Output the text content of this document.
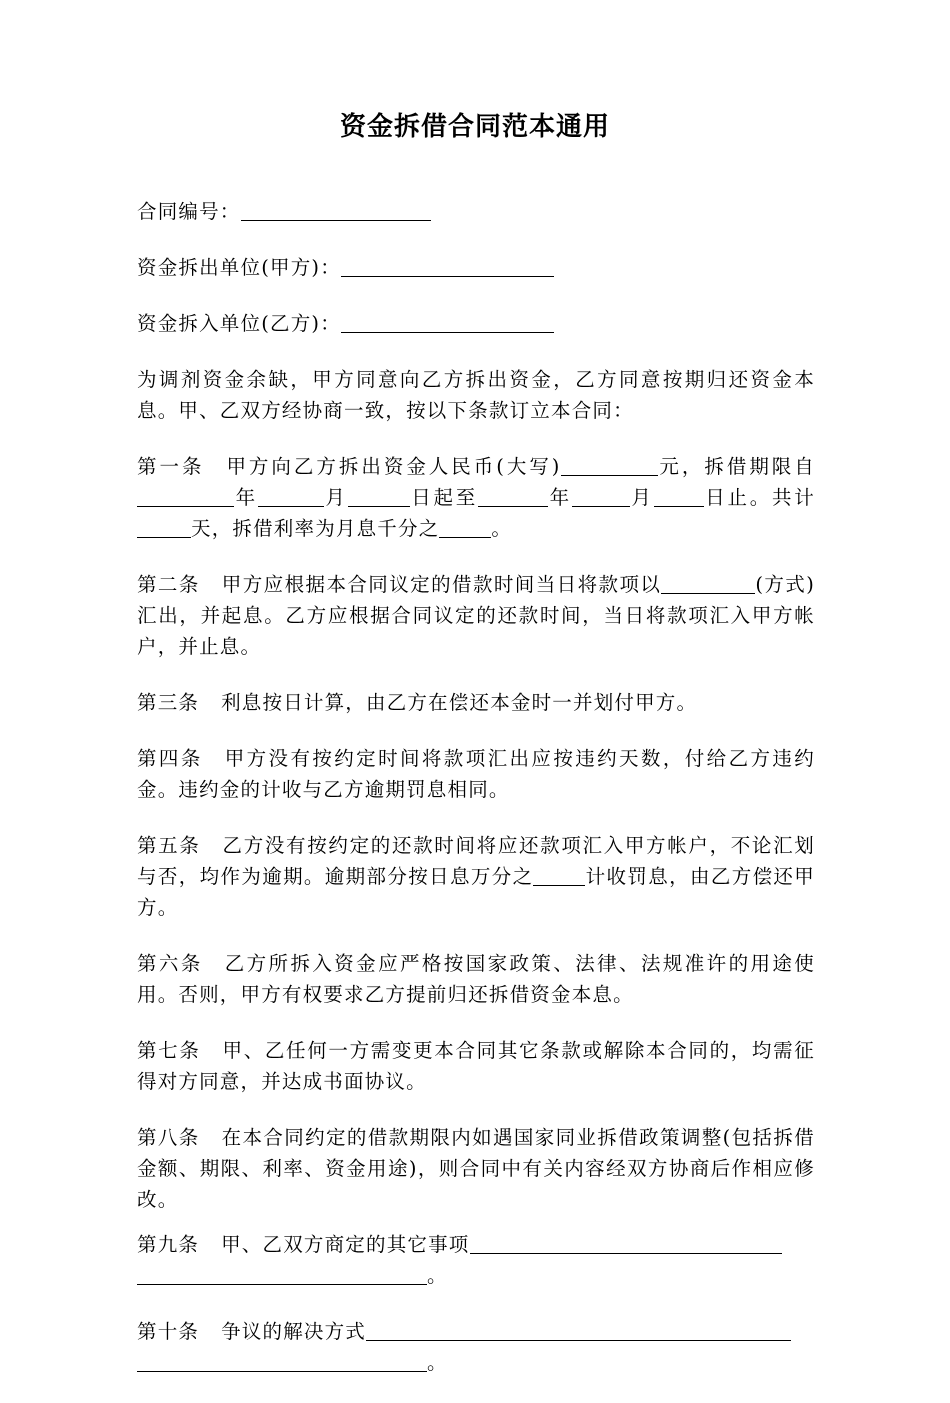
资金拆借合同范本通用

合同编号：

资金拆出单位(甲方)：

资金拆入单位(乙方)：

为调剂资金余缺，甲方同意向乙方拆出资金，乙方同意按期归还资金本息。甲、乙双方经协商一致，按以下条款订立本合同：

第一条 甲方向乙方拆出资金人民币(大写)	元，拆借期限自年	月	日起至	年	月	日止。共计天，拆借利率为月息千分之	。

第二条 甲方应根据本合同议定的借款时间当日将款项以	(方式)汇出，并起息。乙方应根据合同议定的还款时间，当日将款项汇入甲方帐户，并止息。

第三条 利息按日计算，由乙方在偿还本金时一并划付甲方。

第四条 甲方没有按约定时间将款项汇出应按违约天数，付给乙方违约金。违约金的计收与乙方逾期罚息相同。

第五条 乙方没有按约定的还款时间将应还款项汇入甲方帐户，不论汇划与否，均作为逾期。逾期部分按日息万分之	计收罚息，由乙方偿还甲方。

第六条 乙方所拆入资金应严格按国家政策、法律、法规准许的用途使用。否则，甲方有权要求乙方提前归还拆借资金本息。

第七条 甲、乙任何一方需变更本合同其它条款或解除本合同的，均需征得对方同意，并达成书面协议。

第八条 在本合同约定的借款期限内如遇国家同业拆借政策调整(包括拆借金额、期限、利率、资金用途)，则合同中有关内容经双方协商后作相应修改。

第九条 甲、乙双方商定的其它事项
。

第十条 争议的解决方式
。
